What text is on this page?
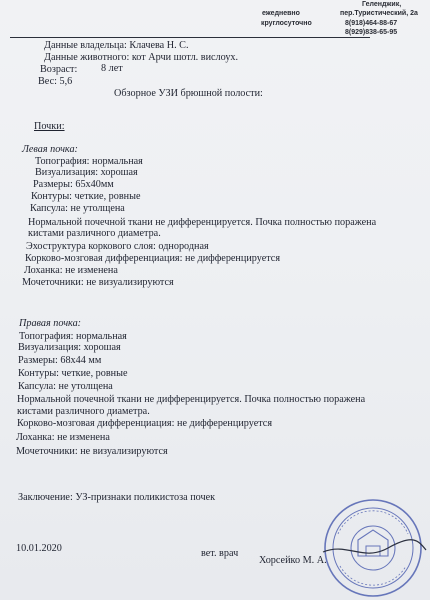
Геленджик,
пер.Туристический, 2а
ежедневно
круглосуточно	8(918)464-88-67
8(929)838-65-95
Данные владельца: Клачева Н. С.
Данные животного: кот Арчи шотл. вислоух.
Возраст: 8 лет
Вес: 5,6
Обзорное УЗИ брюшной полости:
Почки:
Левая почка:
Топография: нормальная
Визуализация: хорошая
Размеры: 65х40мм
Контуры: четкие, ровные
Капсула: не утолщена
Нормальной почечной ткани не дифференцируется. Почка полностью поражена
кистами различного диаметра.
Эхоструктура коркового слоя: однородная
Корково-мозговая дифференциация: не дифференцируется
Лоханка: не изменена
Мочеточники: не визуализируются
Правая почка:
Топография: нормальная
Визуализация: хорошая
Размеры: 68х44 мм
Контуры: четкие, ровные
Капсула: не утолщена
Нормальной почечной ткани не дифференцируется. Почка полностью поражена
кистами различного диаметра.
Корково-мозговая дифференциация: не дифференцируется
Лоханка: не изменена
Мочеточники: не визуализируются
Заключение: УЗ-признаки поликистоза почек
10.01.2020	вет. врач
Хорсейко М. А.
